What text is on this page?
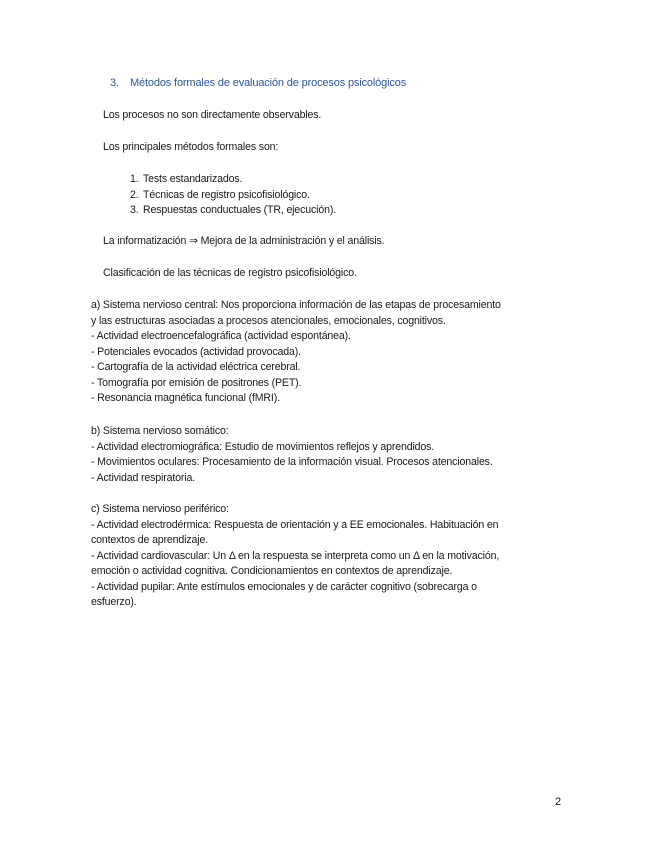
3. Métodos formales de evaluación de procesos psicológicos
Los procesos no son directamente observables.
Los principales métodos formales son:
1. Tests estandarizados.
2. Técnicas de registro psicofisiológico.
3. Respuestas conductuales (TR, ejecución).
La informatización ⇒ Mejora de la administración y el análisis.
Clasificación de las técnicas de registro psicofisiológico.
a) Sistema nervioso central: Nos proporciona información de las etapas de procesamiento
y las estructuras asociadas a procesos atencionales, emocionales, cognitivos.
- Actividad electroencefalográfica (actividad espontánea).
- Potenciales evocados (actividad provocada).
- Cartografía de la actividad eléctrica cerebral.
- Tomografía por emisión de positrones (PET).
- Resonancia magnética funcional (fMRI).
b) Sistema nervioso somático:
- Actividad electromiográfica: Estudio de movimientos reflejos y aprendidos.
- Movimientos oculares: Procesamiento de la información visual. Procesos atencionales.
- Actividad respiratoria.
c) Sistema nervioso periférico:
- Actividad electrodérmica: Respuesta de orientación y a EE emocionales. Habituación en
contextos de aprendizaje.
- Actividad cardiovascular: Un Δ en la respuesta se interpreta como un Δ en la motivación,
emoción o actividad cognitiva. Condicionamientos en contextos de aprendizaje.
- Actividad pupilar: Ante estímulos emocionales y de carácter cognitivo (sobrecarga o
esfuerzo).
2
